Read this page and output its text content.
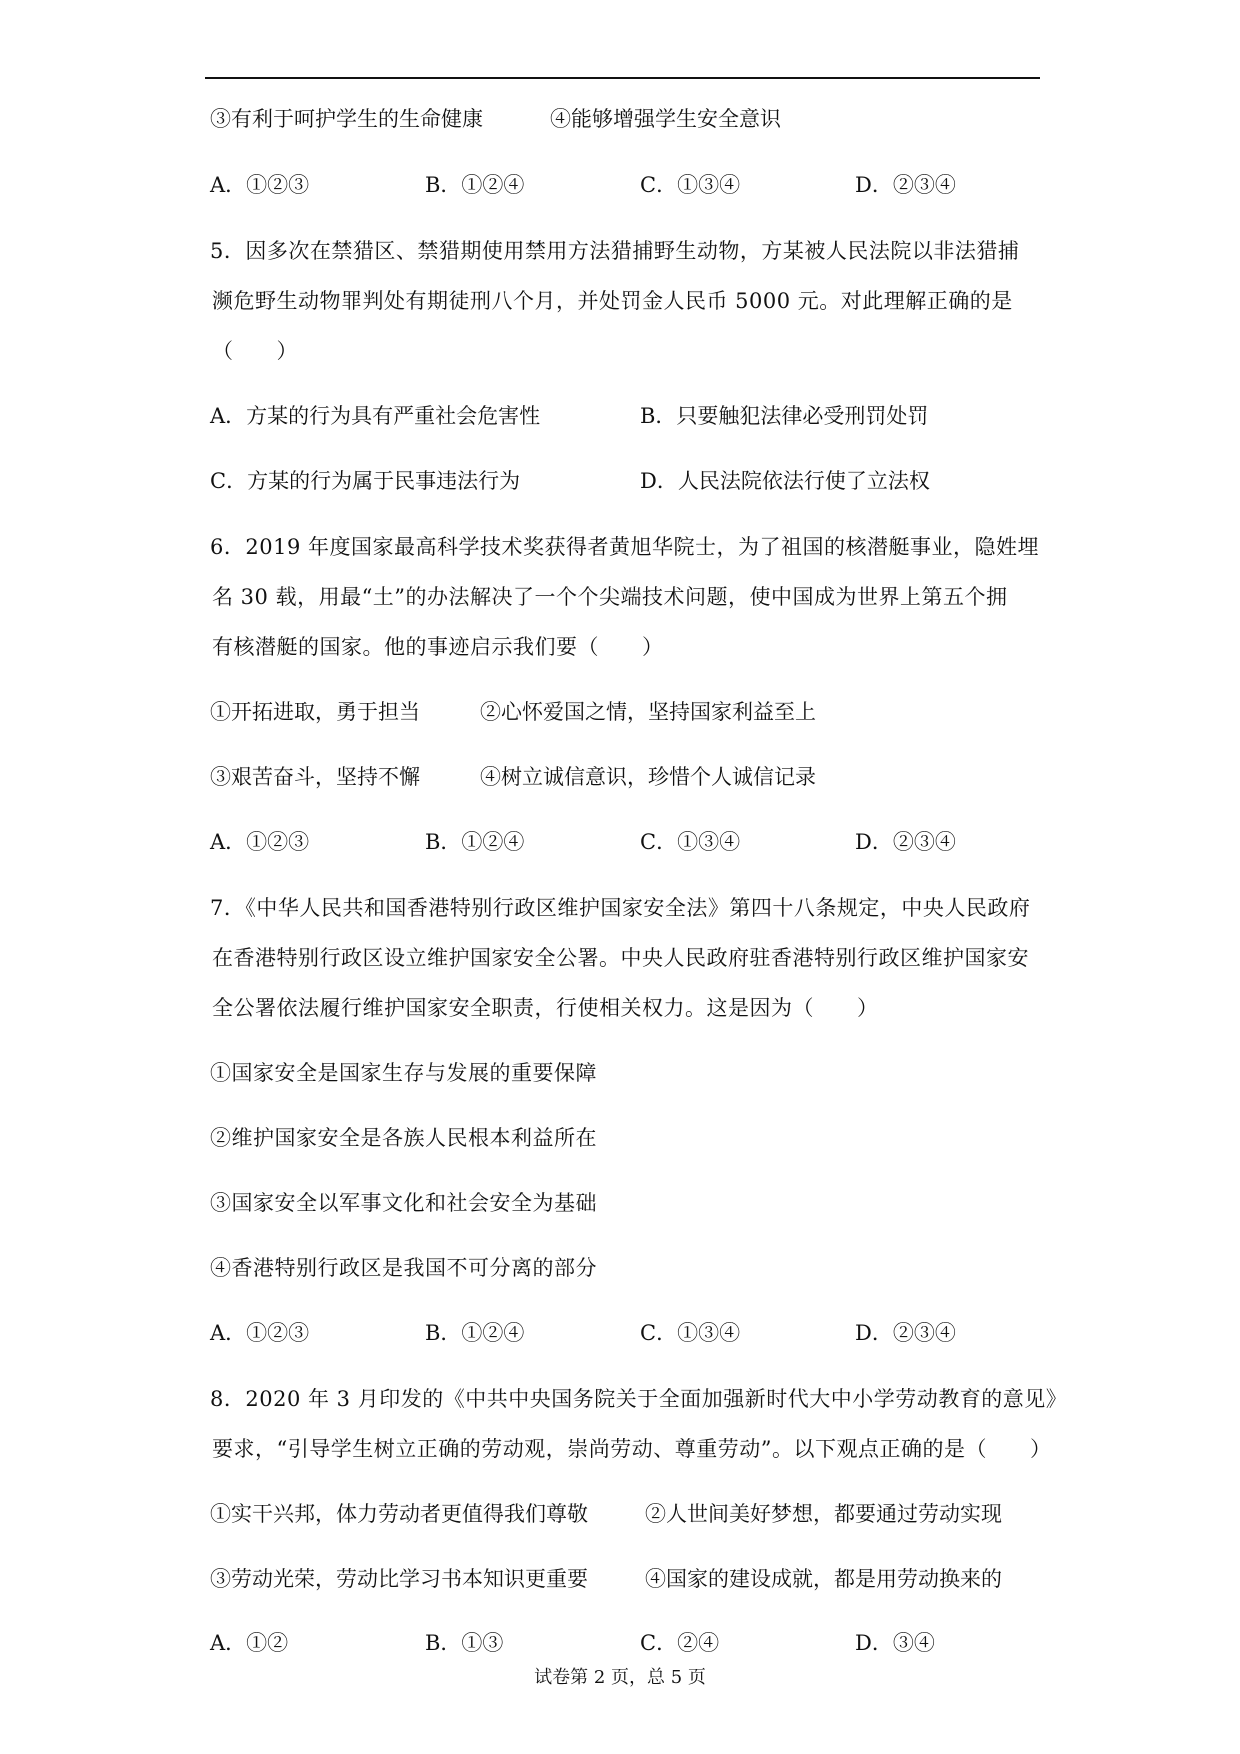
③有利于呵护学生的生命健康	④能够增强学生安全意识
A．①②③	B．①②④	C．①③④	D．②③④
5．因多次在禁猎区、禁猎期使用禁用方法猎捕野生动物，方某被人民法院以非法猎捕
濒危野生动物罪判处有期徒刑八个月，并处罚金人民币 5000 元。对此理解正确的是
（　　）
A．方某的行为具有严重社会危害性	B．只要触犯法律必受刑罚处罚
C．方某的行为属于民事违法行为	D．人民法院依法行使了立法权
6．2019 年度国家最高科学技术奖获得者黄旭华院士，为了祖国的核潜艇事业，隐姓埋
名 30 载，用最“土”的办法解决了一个个尖端技术问题，使中国成为世界上第五个拥
有核潜艇的国家。他的事迹启示我们要（　　）
①开拓进取，勇于担当	②心怀爱国之情，坚持国家利益至上
③艰苦奋斗，坚持不懈	④树立诚信意识，珍惜个人诚信记录
A．①②③	B．①②④	C．①③④	D．②③④
7．《中华人民共和国香港特别行政区维护国家安全法》第四十八条规定，中央人民政府
在香港特别行政区设立维护国家安全公署。中央人民政府驻香港特别行政区维护国家安
全公署依法履行维护国家安全职责，行使相关权力。这是因为（　　）
①国家安全是国家生存与发展的重要保障
②维护国家安全是各族人民根本利益所在
③国家安全以军事文化和社会安全为基础
④香港特别行政区是我国不可分离的部分
A．①②③	B．①②④	C．①③④	D．②③④
8．2020 年 3 月印发的《中共中央国务院关于全面加强新时代大中小学劳动教育的意见》
要求，“引导学生树立正确的劳动观，崇尚劳动、尊重劳动”。以下观点正确的是（　　）
①实干兴邦，体力劳动者更值得我们尊敬	②人世间美好梦想，都要通过劳动实现
③劳动光荣，劳动比学习书本知识更重要	④国家的建设成就，都是用劳动换来的
A．①②	B．①③	C．②④	D．③④
试卷第 2 页，总 5 页
